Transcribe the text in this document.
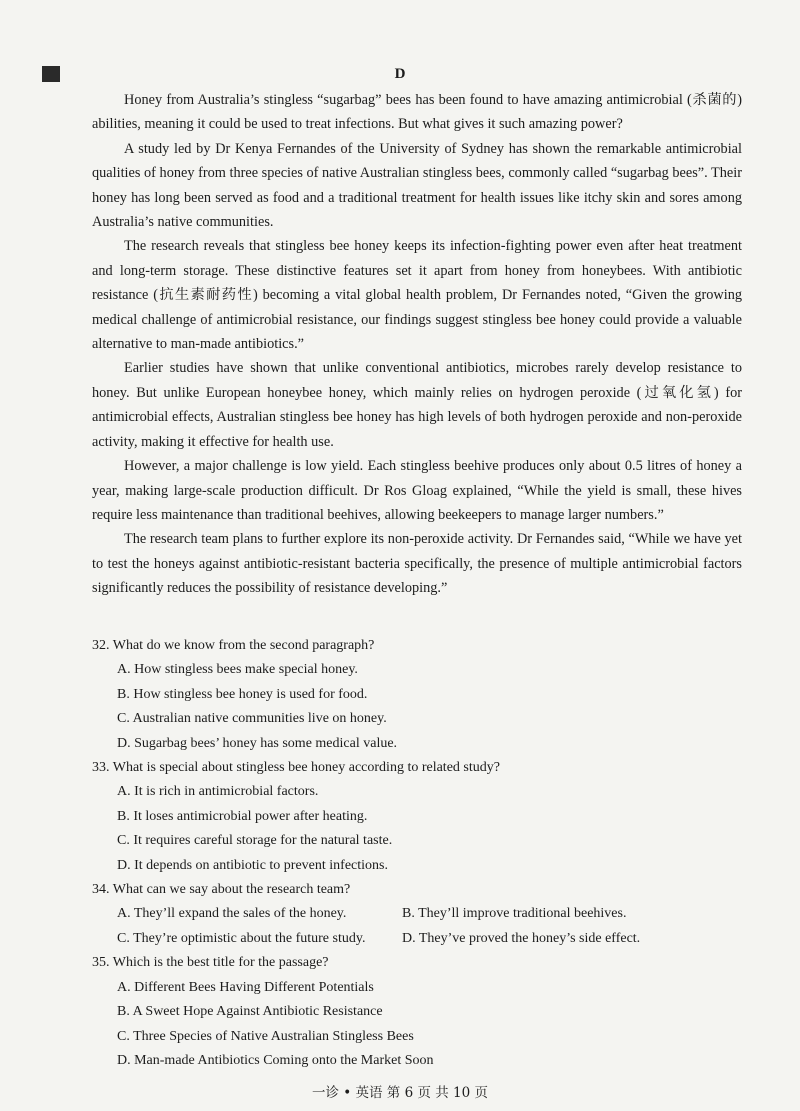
D

Honey from Australia’s stingless “sugarbag” bees has been found to have amazing antimicrobial (杀菌的) abilities, meaning it could be used to treat infections. But what gives it such amazing power?

A study led by Dr Kenya Fernandes of the University of Sydney has shown the remarkable antimicrobial qualities of honey from three species of native Australian stingless bees, commonly called “sugarbag bees”. Their honey has long been served as food and a traditional treatment for health issues like itchy skin and sores among Australia’s native communities.

The research reveals that stingless bee honey keeps its infection-fighting power even after heat treatment and long-term storage. These distinctive features set it apart from honey from honeybees. With antibiotic resistance (抗生素耐药性) becoming a vital global health problem, Dr Fernandes noted, “Given the growing medical challenge of antimicrobial resistance, our findings suggest stingless bee honey could provide a valuable alternative to man-made antibiotics.”

Earlier studies have shown that unlike conventional antibiotics, microbes rarely develop resistance to honey. But unlike European honeybee honey, which mainly relies on hydrogen peroxide (过氧化氢) for antimicrobial effects, Australian stingless bee honey has high levels of both hydrogen peroxide and non-peroxide activity, making it effective for health use.

However, a major challenge is low yield. Each stingless beehive produces only about 0.5 litres of honey a year, making large-scale production difficult. Dr Ros Gloag explained, “While the yield is small, these hives require less maintenance than traditional beehives, allowing beekeepers to manage larger numbers.”

The research team plans to further explore its non-peroxide activity. Dr Fernandes said, “While we have yet to test the honeys against antibiotic-resistant bacteria specifically, the presence of multiple antimicrobial factors significantly reduces the possibility of resistance developing.”

32. What do we know from the second paragraph?

A. How stingless bees make special honey.

B. How stingless bee honey is used for food.

C. Australian native communities live on honey.

D. Sugarbag bees’ honey has some medical value.

33. What is special about stingless bee honey according to related study?

A. It is rich in antimicrobial factors.

B. It loses antimicrobial power after heating.

C. It requires careful storage for the natural taste.

D. It depends on antibiotic to prevent infections.

34. What can we say about the research team?

A. They’ll expand the sales of the honey.	B. They’ll improve traditional beehives.

C. They’re optimistic about the future study.	D. They’ve proved the honey’s side effect.

35. Which is the best title for the passage?

A. Different Bees Having Different Potentials

B. A Sweet Hope Against Antibiotic Resistance

C. Three Species of Native Australian Stingless Bees

D. Man-made Antibiotics Coming onto the Market Soon

一诊 • 英语 第 6 页 共 10 页
